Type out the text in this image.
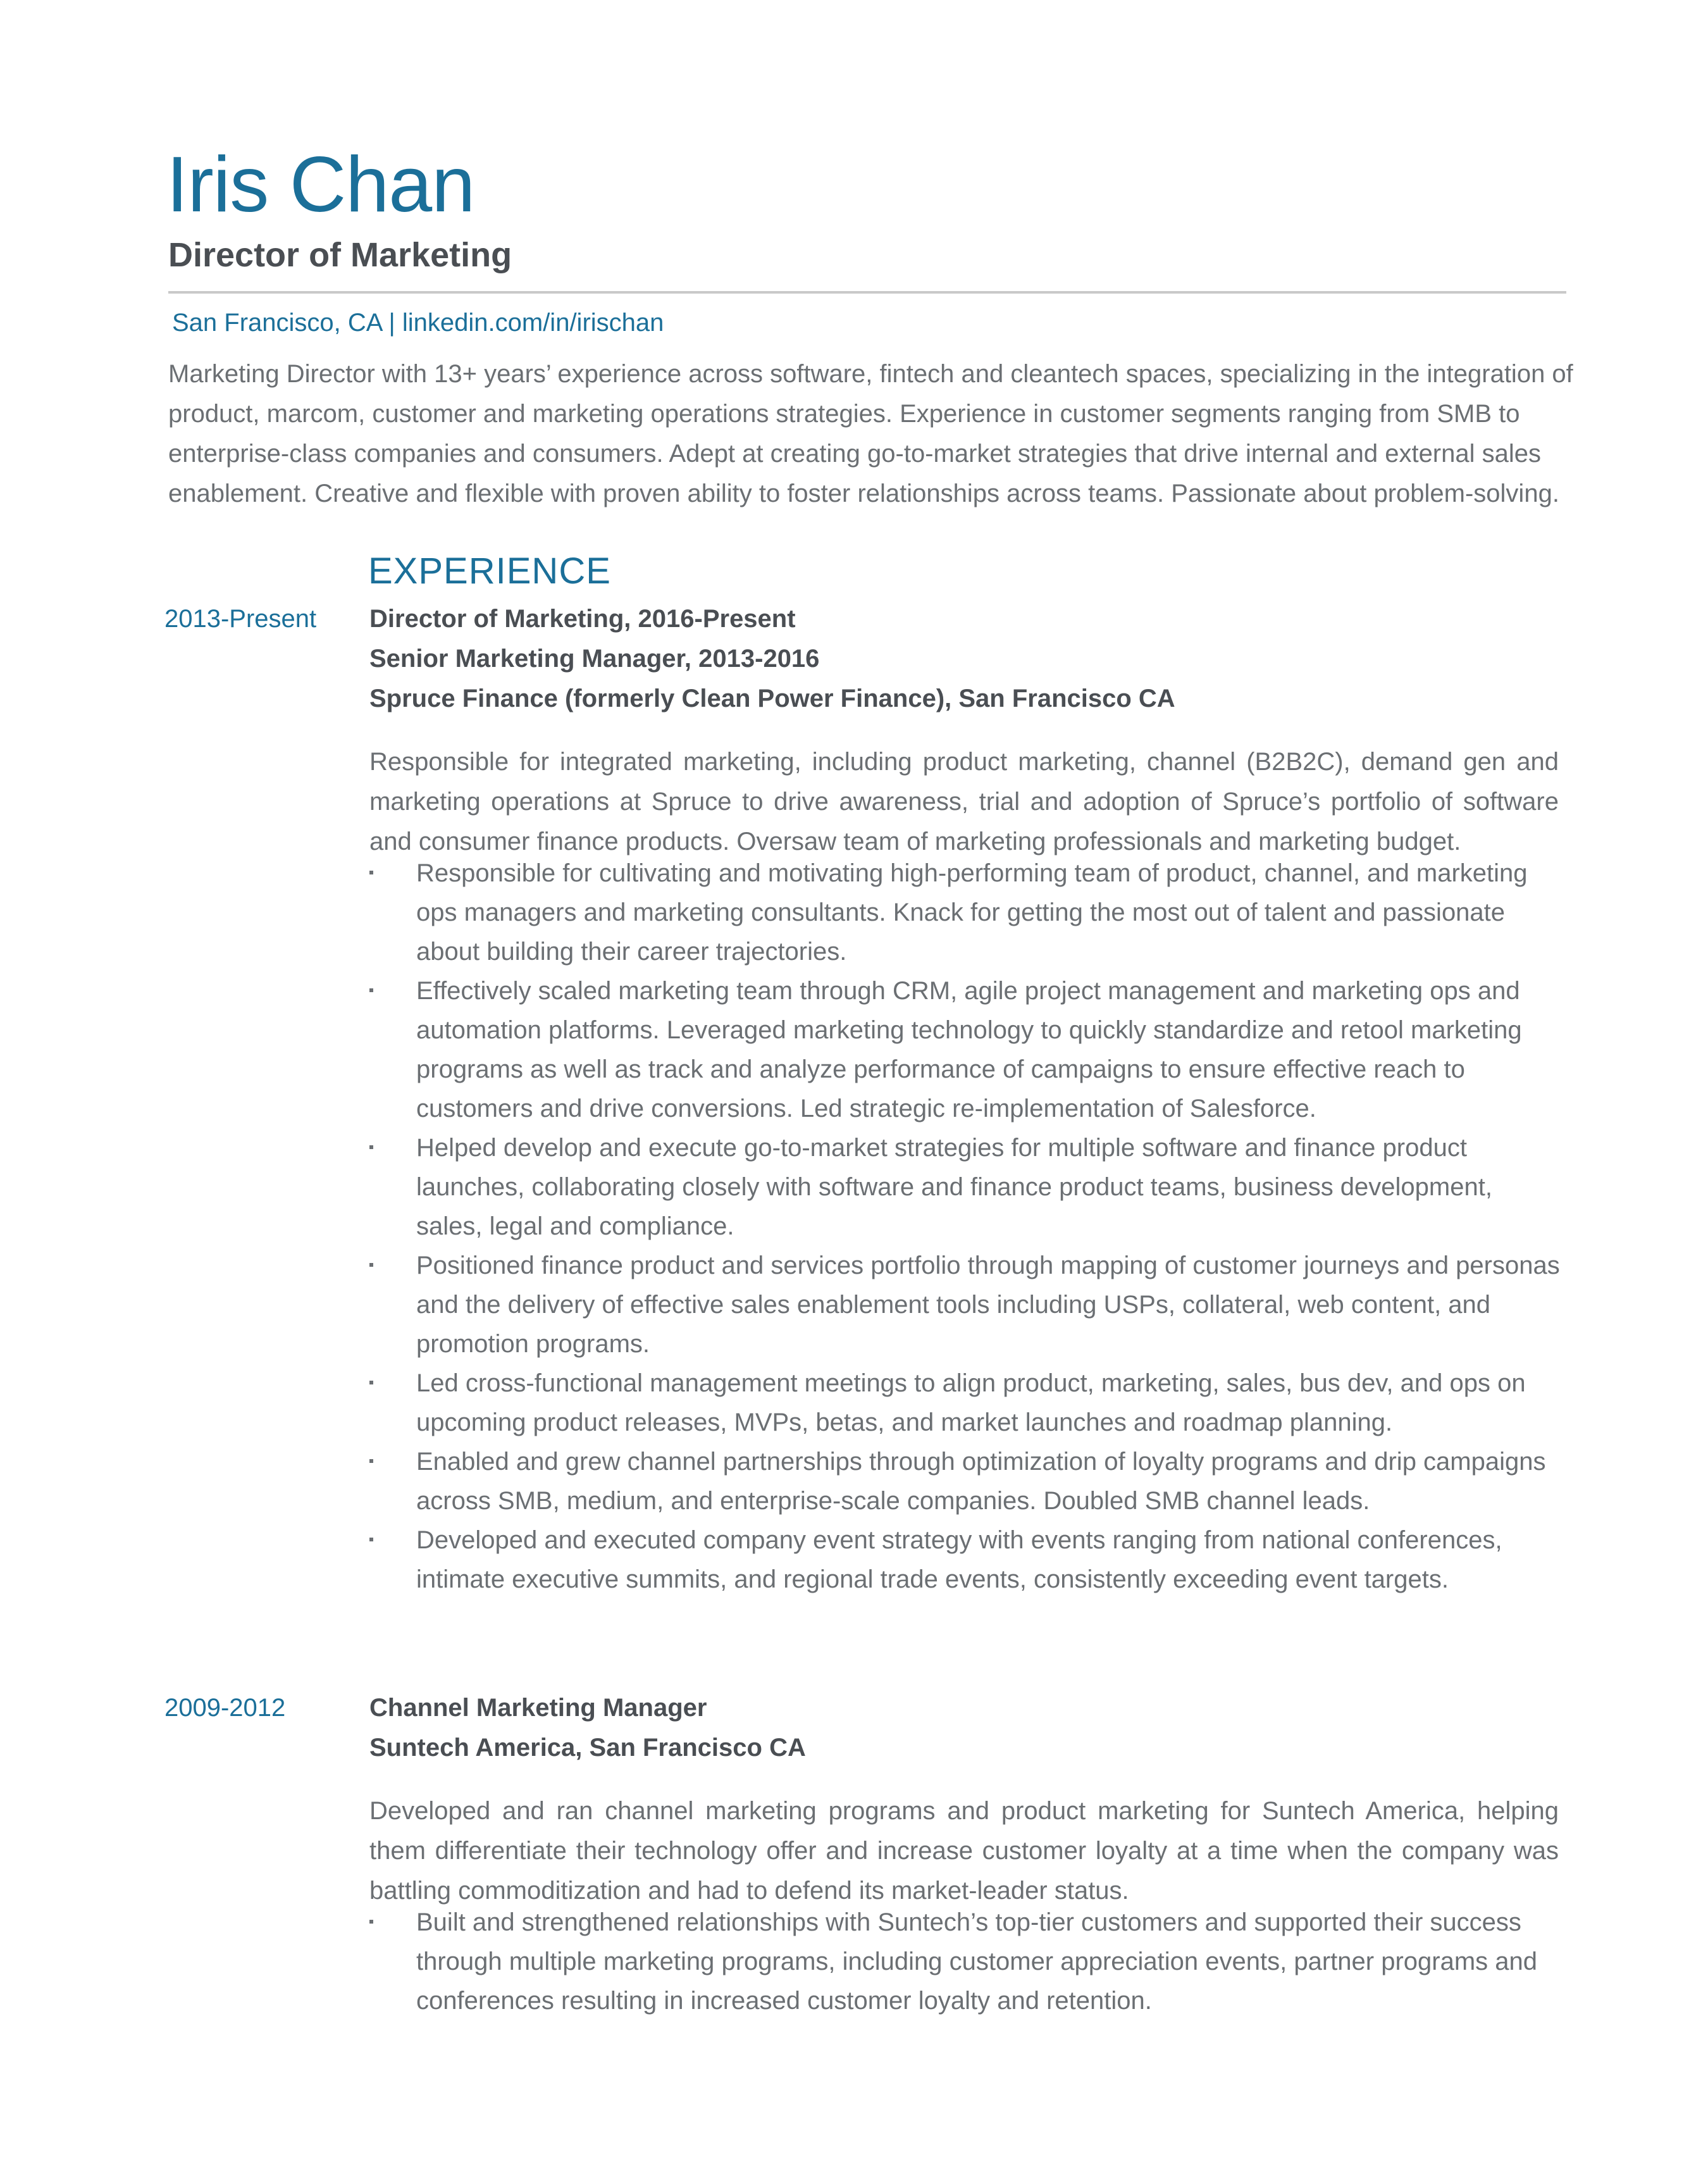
Iris Chan
Director of Marketing
San Francisco, CA | linkedin.com/in/irischan

Marketing Director with 13+ years’ experience across software, fintech and cleantech spaces, specializing in the integration of product, marcom, customer and marketing operations strategies. Experience in customer segments ranging from SMB to enterprise-class companies and consumers. Adept at creating go-to-market strategies that drive internal and external sales enablement. Creative and flexible with proven ability to foster relationships across teams. Passionate about problem-solving.

EXPERIENCE
2013-Present Director of Marketing, 2016-Present
Senior Marketing Manager, 2013-2016
Spruce Finance (formerly Clean Power Finance), San Francisco CA

Responsible for integrated marketing, including product marketing, channel (B2B2C), demand gen and marketing operations at Spruce to drive awareness, trial and adoption of Spruce’s portfolio of software and consumer finance products. Oversaw team of marketing professionals and marketing budget.

Responsible for cultivating and motivating high-performing team of product, channel, and marketing ops managers and marketing consultants. Knack for getting the most out of talent and passionate about building their career trajectories.
Effectively scaled marketing team through CRM, agile project management and marketing ops and automation platforms. Leveraged marketing technology to quickly standardize and retool marketing programs as well as track and analyze performance of campaigns to ensure effective reach to customers and drive conversions. Led strategic re-implementation of Salesforce.
Helped develop and execute go-to-market strategies for multiple software and finance product launches, collaborating closely with software and finance product teams, business development, sales, legal and compliance.
Positioned finance product and services portfolio through mapping of customer journeys and personas and the delivery of effective sales enablement tools including USPs, collateral, web content, and promotion programs.
Led cross-functional management meetings to align product, marketing, sales, bus dev, and ops on upcoming product releases, MVPs, betas, and market launches and roadmap planning.
Enabled and grew channel partnerships through optimization of loyalty programs and drip campaigns across SMB, medium, and enterprise-scale companies. Doubled SMB channel leads.
Developed and executed company event strategy with events ranging from national conferences, intimate executive summits, and regional trade events, consistently exceeding event targets.
2009-2012	Channel Marketing Manager
Suntech America, San Francisco CA

Developed and ran channel marketing programs and product marketing for Suntech America, helping them differentiate their technology offer and increase customer loyalty at a time when the company was battling commoditization and had to defend its market-leader status.

Built and strengthened relationships with Suntech’s top-tier customers and supported their success through multiple marketing programs, including customer appreciation events, partner programs and conferences resulting in increased customer loyalty and retention.
